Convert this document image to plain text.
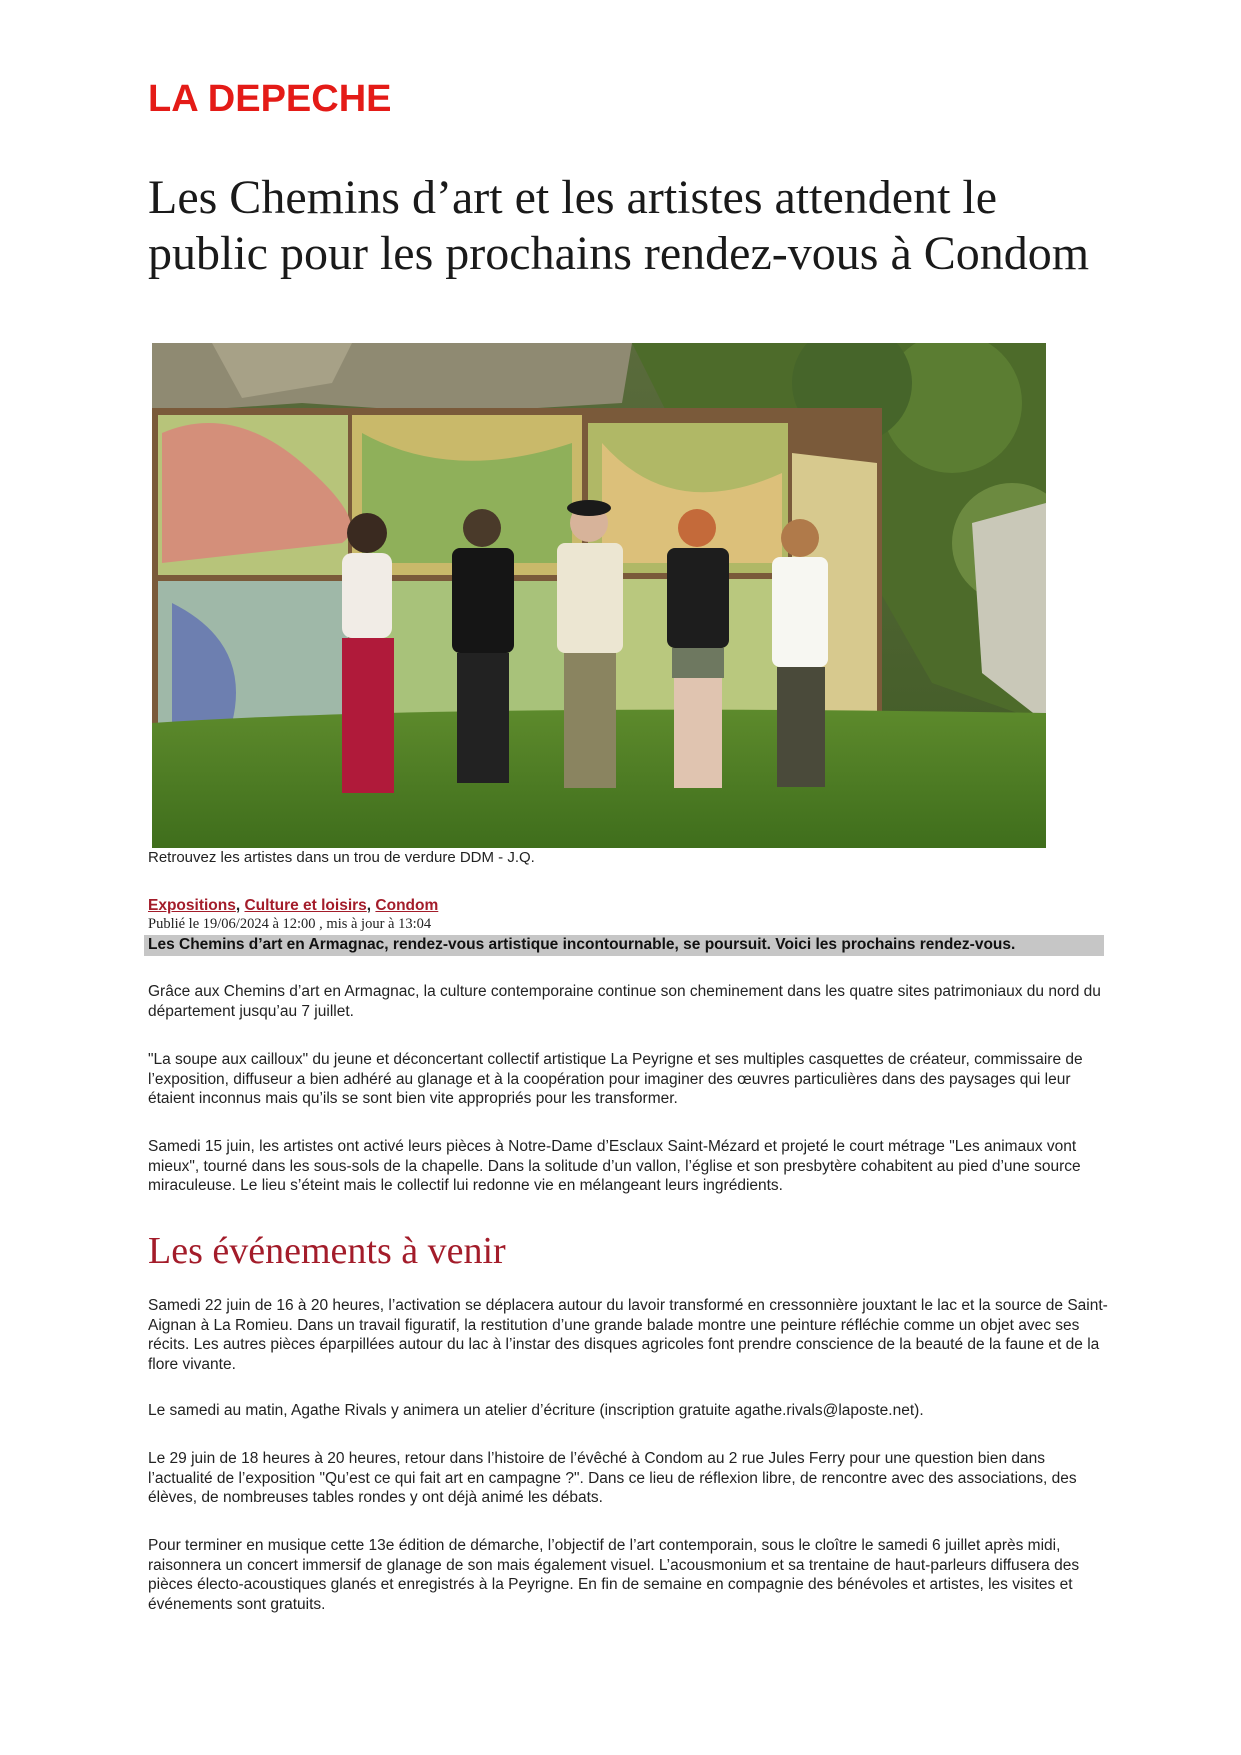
LA DEPECHE
Les Chemins d’art et les artistes attendent le public pour les prochains rendez-vous à Condom
Retrouvez les artistes dans un trou de verdure DDM - J.Q.
Expositions, Culture et loisirs, Condom
Publié le 19/06/2024 à 12:00 , mis à jour à 13:04
Les Chemins d’art en Armagnac, rendez-vous artistique incontournable, se poursuit. Voici les prochains rendez-vous.

Grâce aux Chemins d’art en Armagnac, la culture contemporaine continue son cheminement dans les quatre sites patrimoniaux du nord du département jusqu’au 7 juillet.

"La soupe aux cailloux" du jeune et déconcertant collectif artistique La Peyrigne et ses multiples casquettes de créateur, commissaire de l’exposition, diffuseur a bien adhéré au glanage et à la coopération pour imaginer des œuvres particulières dans des paysages qui leur étaient inconnus mais qu’ils se sont bien vite appropriés pour les transformer.

Samedi 15 juin, les artistes ont activé leurs pièces à Notre-Dame d’Esclaux Saint-Mézard et projeté le court métrage "Les animaux vont mieux", tourné dans les sous-sols de la chapelle. Dans la solitude d’un vallon, l’église et son presbytère cohabitent au pied d’une source miraculeuse. Le lieu s’éteint mais le collectif lui redonne vie en mélangeant leurs ingrédients.

Les événements à venir

Samedi 22 juin de 16 à 20 heures, l’activation se déplacera autour du lavoir transformé en cressonnière jouxtant le lac et la source de Saint-Aignan à La Romieu. Dans un travail figuratif, la restitution d’une grande balade montre une peinture réfléchie comme un objet avec ses récits. Les autres pièces éparpillées autour du lac à l’instar des disques agricoles font prendre conscience de la beauté de la faune et de la flore vivante.

Le samedi au matin, Agathe Rivals y animera un atelier d’écriture (inscription gratuite agathe.rivals@laposte.net).

Le 29 juin de 18 heures à 20 heures, retour dans l’histoire de l’évêché à Condom au 2 rue Jules Ferry pour une question bien dans l’actualité de l’exposition "Qu’est ce qui fait art en campagne ?". Dans ce lieu de réflexion libre, de rencontre avec des associations, des élèves, de nombreuses tables rondes y ont déjà animé les débats.

Pour terminer en musique cette 13e édition de démarche, l’objectif de l’art contemporain, sous le cloître le samedi 6 juillet après midi, raisonnera un concert immersif de glanage de son mais également visuel. L’acousmonium et sa trentaine de haut-parleurs diffusera des pièces électo-acoustiques glanés et enregistrés à la Peyrigne. En fin de semaine en compagnie des bénévoles et artistes, les visites et événements sont gratuits.
